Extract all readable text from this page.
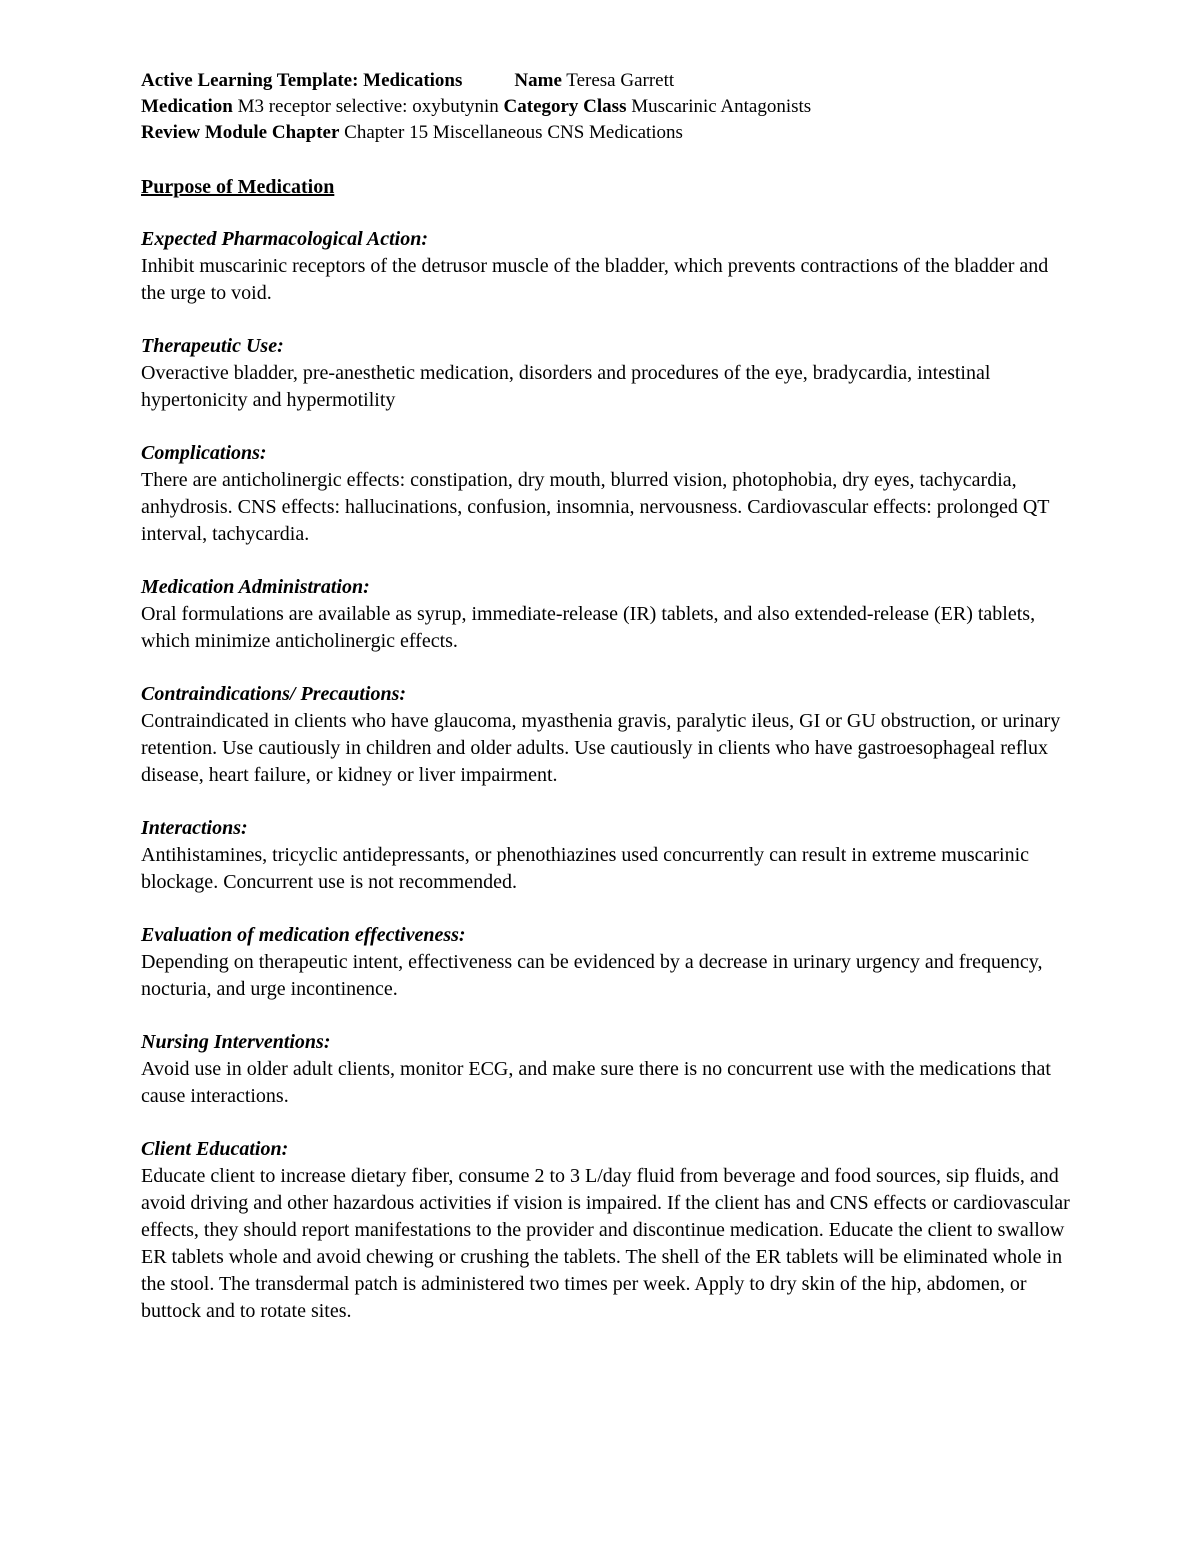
Active Learning Template: Medications	Name Teresa Garrett
Medication M3 receptor selective: oxybutynin Category Class Muscarinic Antagonists
Review Module Chapter Chapter 15 Miscellaneous CNS Medications
Purpose of Medication
Expected Pharmacological Action:
Inhibit muscarinic receptors of the detrusor muscle of the bladder, which prevents contractions of the bladder and the urge to void.
Therapeutic Use:
Overactive bladder, pre-anesthetic medication, disorders and procedures of the eye, bradycardia, intestinal hypertonicity and hypermotility
Complications:
There are anticholinergic effects: constipation, dry mouth, blurred vision, photophobia, dry eyes, tachycardia, anhydrosis. CNS effects: hallucinations, confusion, insomnia, nervousness. Cardiovascular effects: prolonged QT interval, tachycardia.
Medication Administration:
Oral formulations are available as syrup, immediate-release (IR) tablets, and also extended-release (ER) tablets, which minimize anticholinergic effects.
Contraindications/ Precautions:
Contraindicated in clients who have glaucoma, myasthenia gravis, paralytic ileus, GI or GU obstruction, or urinary retention. Use cautiously in children and older adults. Use cautiously in clients who have gastroesophageal reflux disease, heart failure, or kidney or liver impairment.
Interactions:
Antihistamines, tricyclic antidepressants, or phenothiazines used concurrently can result in extreme muscarinic blockage. Concurrent use is not recommended.
Evaluation of medication effectiveness:
Depending on therapeutic intent, effectiveness can be evidenced by a decrease in urinary urgency and frequency, nocturia, and urge incontinence.
Nursing Interventions:
Avoid use in older adult clients, monitor ECG, and make sure there is no concurrent use with the medications that cause interactions.
Client Education:
Educate client to increase dietary fiber, consume 2 to 3 L/day fluid from beverage and food sources, sip fluids, and avoid driving and other hazardous activities if vision is impaired. If the client has and CNS effects or cardiovascular effects, they should report manifestations to the provider and discontinue medication. Educate the client to swallow ER tablets whole and avoid chewing or crushing the tablets. The shell of the ER tablets will be eliminated whole in the stool. The transdermal patch is administered two times per week. Apply to dry skin of the hip, abdomen, or buttock and to rotate sites.
